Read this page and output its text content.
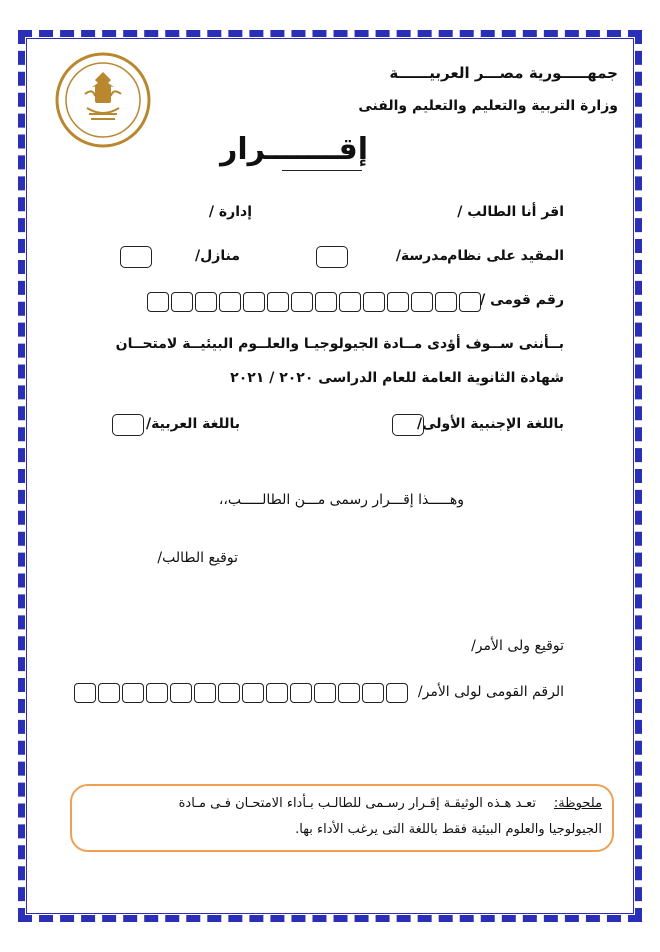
جمهـــــورية مصـــر العربيــــــة
وزارة التربية والتعليم والتعليم والفنى
إقـــــــرار
اقر أنا الطالب /
إدارة /
المقيد على نظام
مدرسة/
منازل/
رقم قومى /
بــأننى ســوف أؤدى مــادة الجيولوجيـا والعلــوم البيئيــة لامتحــان
شهادة الثانوية العامة للعام الدراسى ٢٠٢٠ / ٢٠٢١
باللغة الإجنبية الأولى/
باللغة العربية/
وهـــــذا إقـــرار رسمى مـــن الطالـــــب،،
توقيع الطالب/
توقيع ولى الأمر/
الرقم القومى لولى الأمر/
ملحوظة:
تعـد هـذه الوثيقـة إقـرار رسـمى للطالـب بـأداء الامتحـان فـى مـادة
الجيولوجيا والعلوم البيئية فقط باللغة التى يرغب الأداء بها.
